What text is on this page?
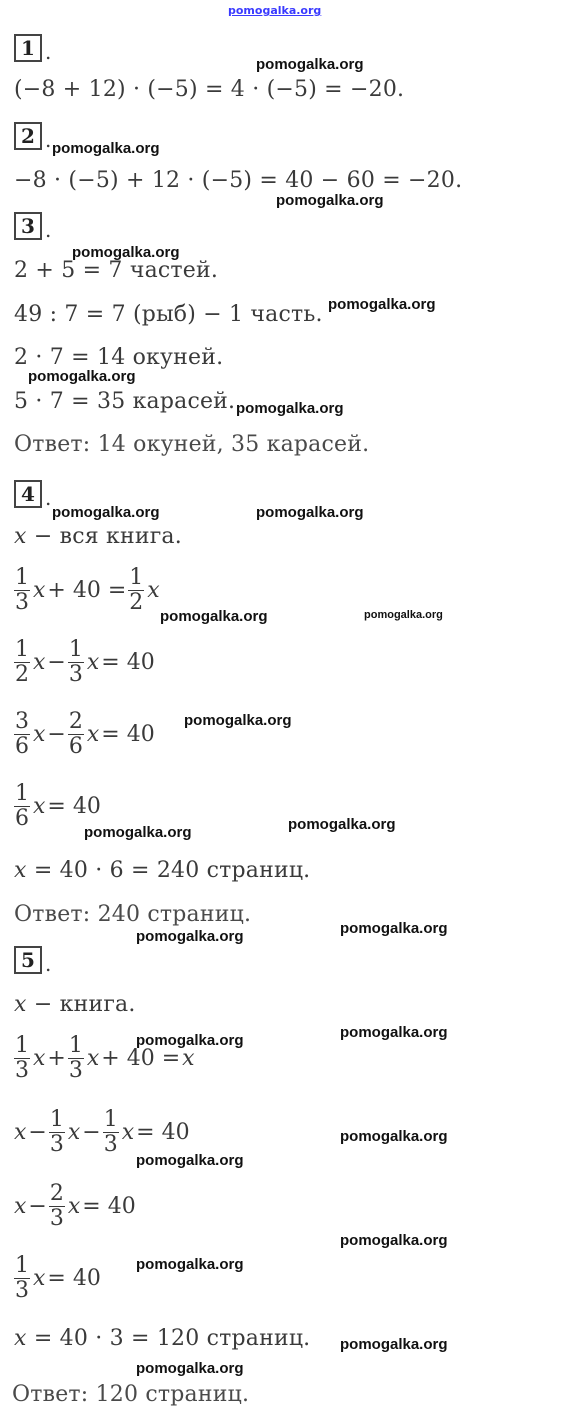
pomogalka.org
1 .
(−8 + 12) · (−5) = 4 · (−5) = −20.
2 .
−8 · (−5) + 12 · (−5) = 40 − 60 = −20.
3 .
2 + 5 = 7 частей.
49 : 7 = 7 (рыб) − 1 часть.
2 · 7 = 14 окуней.
5 · 7 = 35 карасей.
Ответ: 14 окуней, 35 карасей.
4 .
x − вся книга.
$\frac{1}{3}$ $x + 40 = \frac{1}{2}$ x
$\frac{1}{2}$ $x - \frac{1}{3}$ x = 40
$\frac{3}{6}$ $x - \frac{2}{6}$ x = 40
$\frac{1}{6}$ x = 40
x = 40 · 6 = 240 страниц.
Ответ: 240 страниц.
5 .
x − книга.
$\frac{1}{3}$ $x + \frac{1}{3}$ x + 40 = x
$x - \frac{1}{3}$ $x - \frac{1}{3}$ x = 40
$x - \frac{2}{3}$ x = 40
$\frac{1}{3}$ x = 40
x = 40 · 3 = 120 страниц.
Ответ: 120 страниц.
pomogalka.org
pomogalka.org
pomogalka.org
pomogalka.org
pomogalka.org
pomogalka.org
pomogalka.org
pomogalka.org	pomogalka.org
pomogalka.org	pomogalka.org
pomogalka.org
pomogalka.org	pomogalka.org
pomogalka.org	pomogalka.org
pomogalka.org	pomogalka.org
pomogalka.org
pomogalka.org
pomogalka.org
pomogalka.org
pomogalka.org
pomogalka.org
